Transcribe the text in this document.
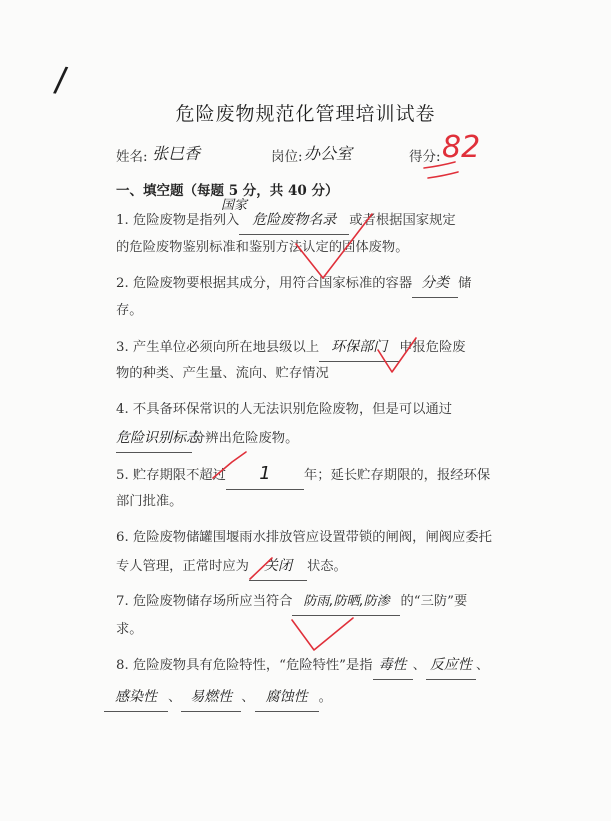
/
危险废物规范化管理培训试卷
姓名: 张巳香	岗位: 办公室	得分: 82
一、填空题（每题 5 分，共 40 分）
国家
1. 危险废物是指列入 危险废物名录 或者根据国家规定
的危险废物鉴别标准和鉴别方法认定的固体废物。
2. 危险废物要根据其成分，用符合国家标准的容器 分类 储
存。
3. 产生单位必须向所在地县级以上 环保部门 申报危险废
物的种类、产生量、流向、贮存情况
4. 不具备环保常识的人无法识别危险废物，但是可以通过
危险识别标志分辨出危险废物。
5. 贮存期限不超过 1	年；延长贮存期限的，报经环保
部门批准。
6. 危险废物储罐围堰雨水排放管应设置带锁的闸阀，闸阀应委托
专人管理，正常时应为 关闭 状态。
7. 危险废物储存场所应当符合 防雨,防晒,防渗 的“三防”要
求。
8. 危险废物具有危险特性，“危险特性”是指 毒性 、 反应性 、
感染性 、 易燃性 、 腐蚀性 。
